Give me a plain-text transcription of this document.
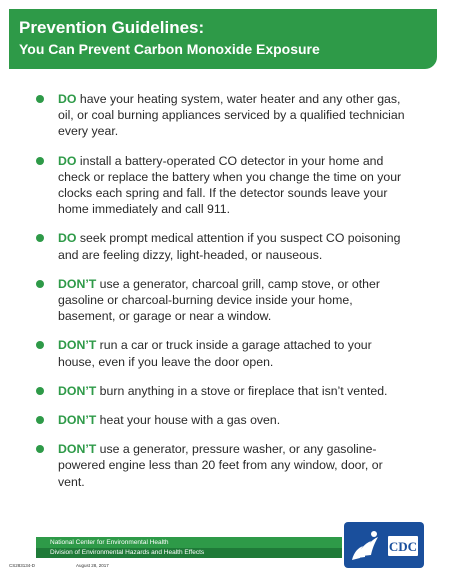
Prevention Guidelines:
You Can Prevent Carbon Monoxide Exposure
DO have your heating system, water heater and any other gas, oil, or coal burning appliances serviced by a qualified technician every year.
DO install a battery-operated CO detector in your home and check or replace the battery when you change the time on your clocks each spring and fall. If the detector sounds leave your home immediately and call 911.
DO seek prompt medical attention if you suspect CO poisoning and are feeling dizzy, light-headed, or nauseous.
DON’T use a generator, charcoal grill, camp stove, or other gasoline or charcoal-burning device inside your home, basement, or garage or near a window.
DON’T run a car or truck inside a garage attached to your house, even if you leave the door open.
DON’T burn anything in a stove or fireplace that isn’t vented.
DON’T heat your house with a gas oven.
DON’T use a generator, pressure washer, or any gasoline-powered engine less than 20 feet from any window, door, or vent.
National Center for Environmental Health
Division of Environmental Hazards and Health Effects
CS283134-D	August 28, 2017
CDC
